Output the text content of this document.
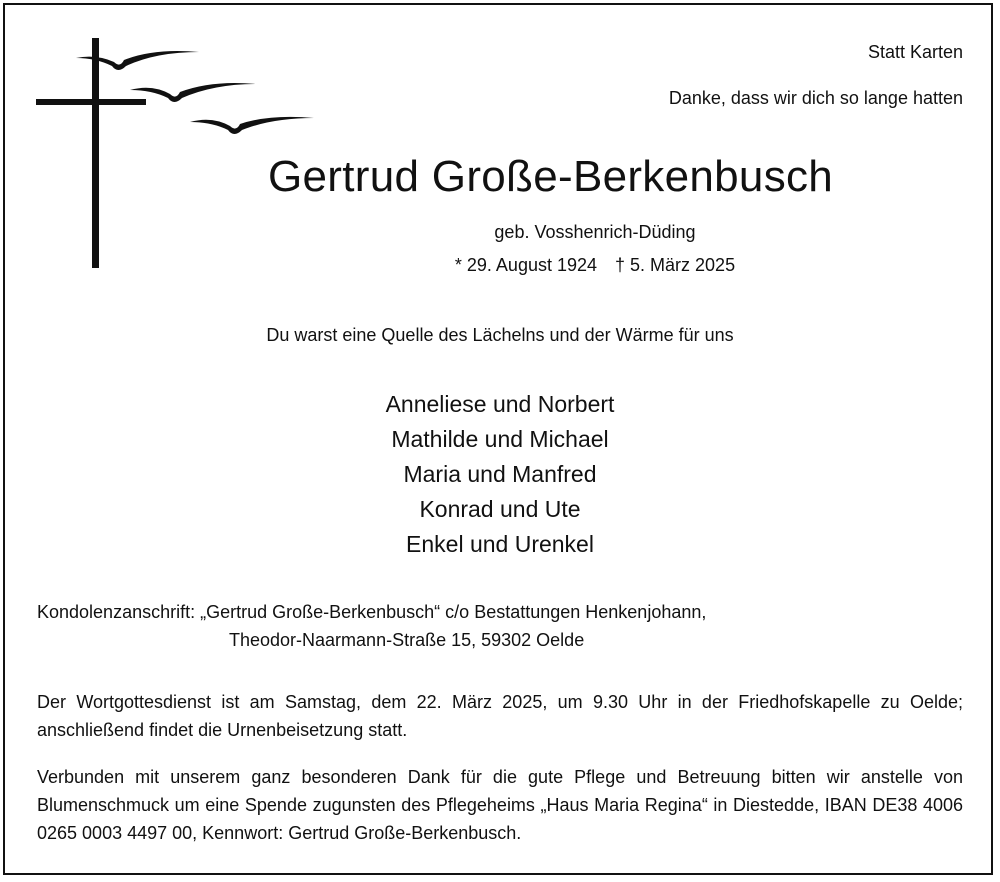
Statt Karten
Danke, dass wir dich so lange hatten
Gertrud Große-Berkenbusch
geb. Vosshenrich-Düding
* 29. August 1924 † 5. März 2025
Du warst eine Quelle des Lächelns und der Wärme für uns
Anneliese und Norbert
Mathilde und Michael
Maria und Manfred
Konrad und Ute
Enkel und Urenkel
Kondolenzanschrift: „Gertrud Große-Berkenbusch“ c/o Bestattungen Henkenjohann,
Theodor-Naarmann-Straße 15, 59302 Oelde
Der Wortgottesdienst ist am Samstag, dem 22. März 2025, um 9.30 Uhr in der Friedhofskapelle zu Oelde; anschließend findet die Urnenbeisetzung statt.
Verbunden mit unserem ganz besonderen Dank für die gute Pflege und Betreuung bitten wir anstelle von Blumenschmuck um eine Spende zugunsten des Pflegeheims „Haus Maria Regina“ in Diestedde, IBAN DE38 4006 0265 0003 4497 00, Kennwort: Gertrud Große-Berkenbusch.
